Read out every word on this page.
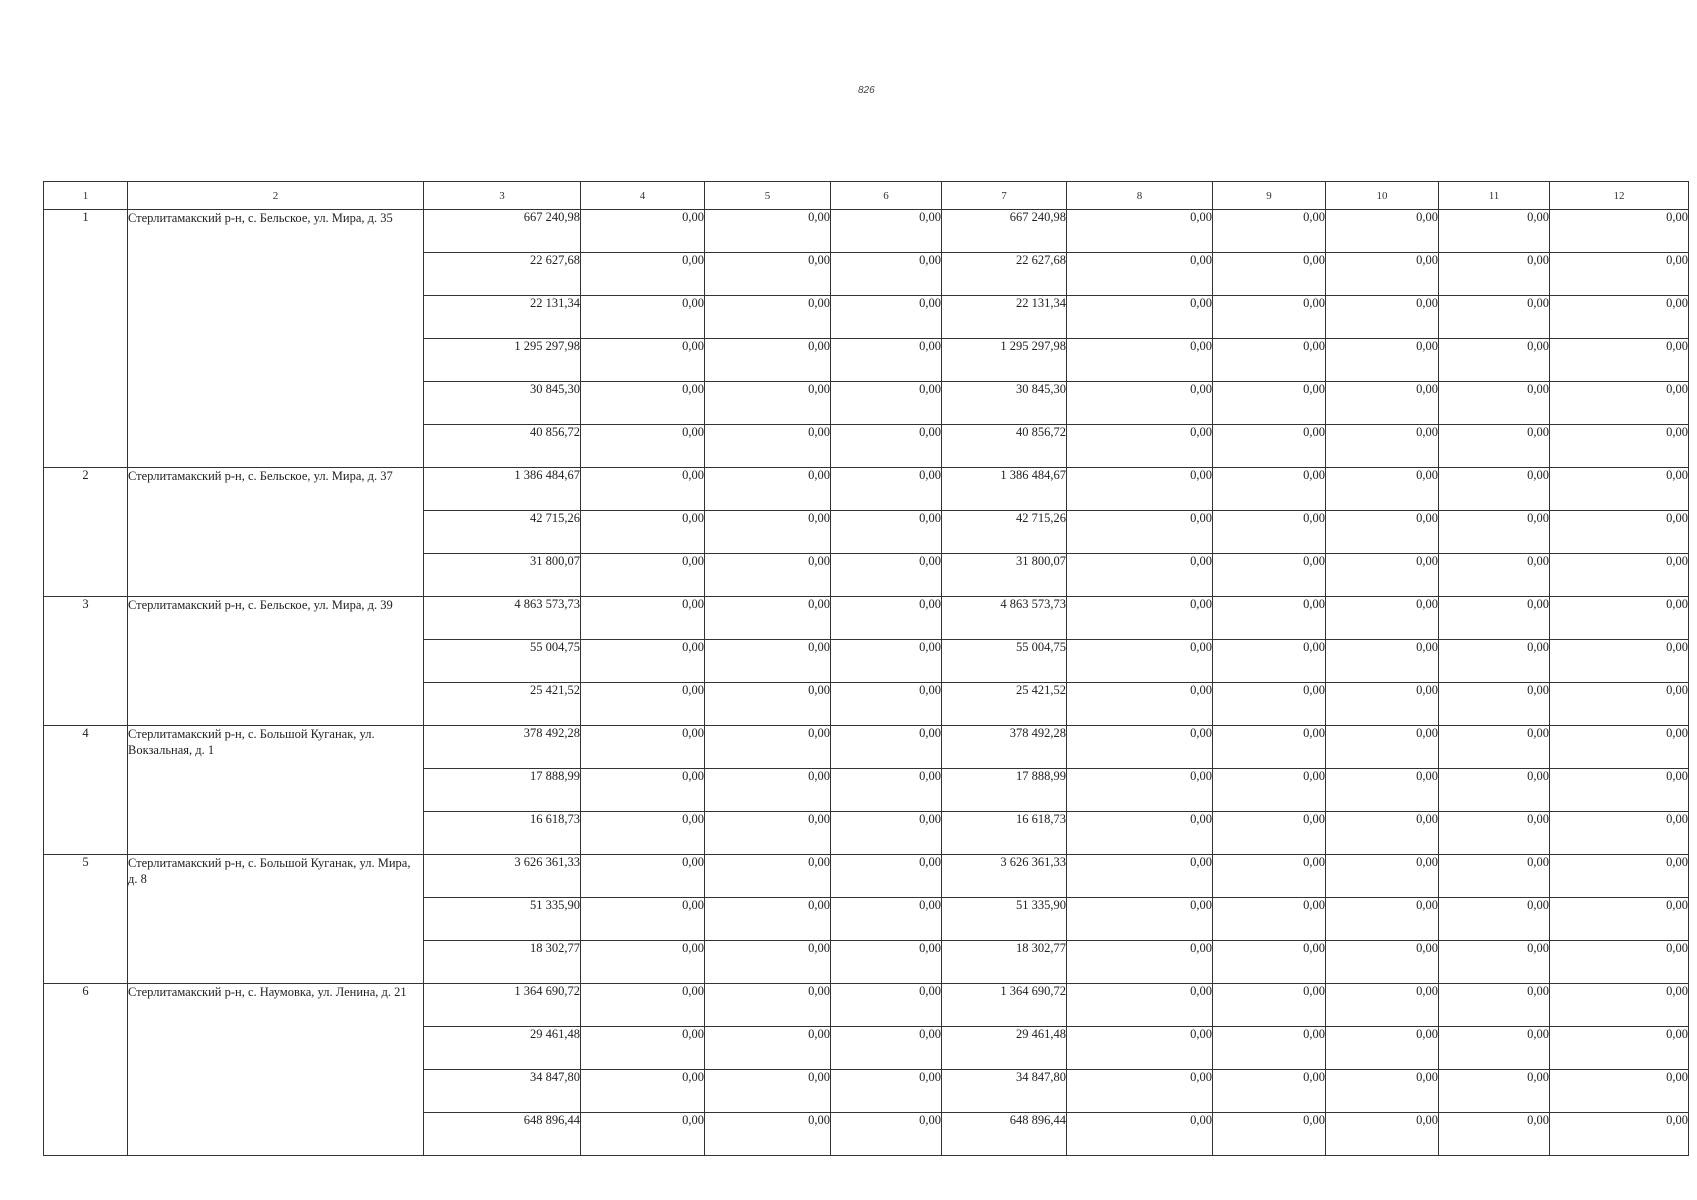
826
1	2	3	4	5	6	7	8	9	10	11	12
1	Стерлитамакский р-н, с. Бельское, ул. Мира, д. 35	667 240,98	0,00	0,00	0,00	667 240,98	0,00	0,00	0,00	0,00	0,00
		22 627,68	0,00	0,00	0,00	22 627,68	0,00	0,00	0,00	0,00	0,00
		22 131,34	0,00	0,00	0,00	22 131,34	0,00	0,00	0,00	0,00	0,00
		1 295 297,98	0,00	0,00	0,00	1 295 297,98	0,00	0,00	0,00	0,00	0,00
		30 845,30	0,00	0,00	0,00	30 845,30	0,00	0,00	0,00	0,00	0,00
		40 856,72	0,00	0,00	0,00	40 856,72	0,00	0,00	0,00	0,00	0,00
2	Стерлитамакский р-н, с. Бельское, ул. Мира, д. 37	1 386 484,67	0,00	0,00	0,00	1 386 484,67	0,00	0,00	0,00	0,00	0,00
		42 715,26	0,00	0,00	0,00	42 715,26	0,00	0,00	0,00	0,00	0,00
		31 800,07	0,00	0,00	0,00	31 800,07	0,00	0,00	0,00	0,00	0,00
3	Стерлитамакский р-н, с. Бельское, ул. Мира, д. 39	4 863 573,73	0,00	0,00	0,00	4 863 573,73	0,00	0,00	0,00	0,00	0,00
		55 004,75	0,00	0,00	0,00	55 004,75	0,00	0,00	0,00	0,00	0,00
		25 421,52	0,00	0,00	0,00	25 421,52	0,00	0,00	0,00	0,00	0,00
4	Стерлитамакский р-н, с. Большой Куганак, ул. Вокзальная, д. 1	378 492,28	0,00	0,00	0,00	378 492,28	0,00	0,00	0,00	0,00	0,00
		17 888,99	0,00	0,00	0,00	17 888,99	0,00	0,00	0,00	0,00	0,00
		16 618,73	0,00	0,00	0,00	16 618,73	0,00	0,00	0,00	0,00	0,00
5	Стерлитамакский р-н, с. Большой Куганак, ул. Мира, д. 8	3 626 361,33	0,00	0,00	0,00	3 626 361,33	0,00	0,00	0,00	0,00	0,00
		51 335,90	0,00	0,00	0,00	51 335,90	0,00	0,00	0,00	0,00	0,00
		18 302,77	0,00	0,00	0,00	18 302,77	0,00	0,00	0,00	0,00	0,00
6	Стерлитамакский р-н, с. Наумовка, ул. Ленина, д. 21	1 364 690,72	0,00	0,00	0,00	1 364 690,72	0,00	0,00	0,00	0,00	0,00
		29 461,48	0,00	0,00	0,00	29 461,48	0,00	0,00	0,00	0,00	0,00
		34 847,80	0,00	0,00	0,00	34 847,80	0,00	0,00	0,00	0,00	0,00
		648 896,44	0,00	0,00	0,00	648 896,44	0,00	0,00	0,00	0,00	0,00
